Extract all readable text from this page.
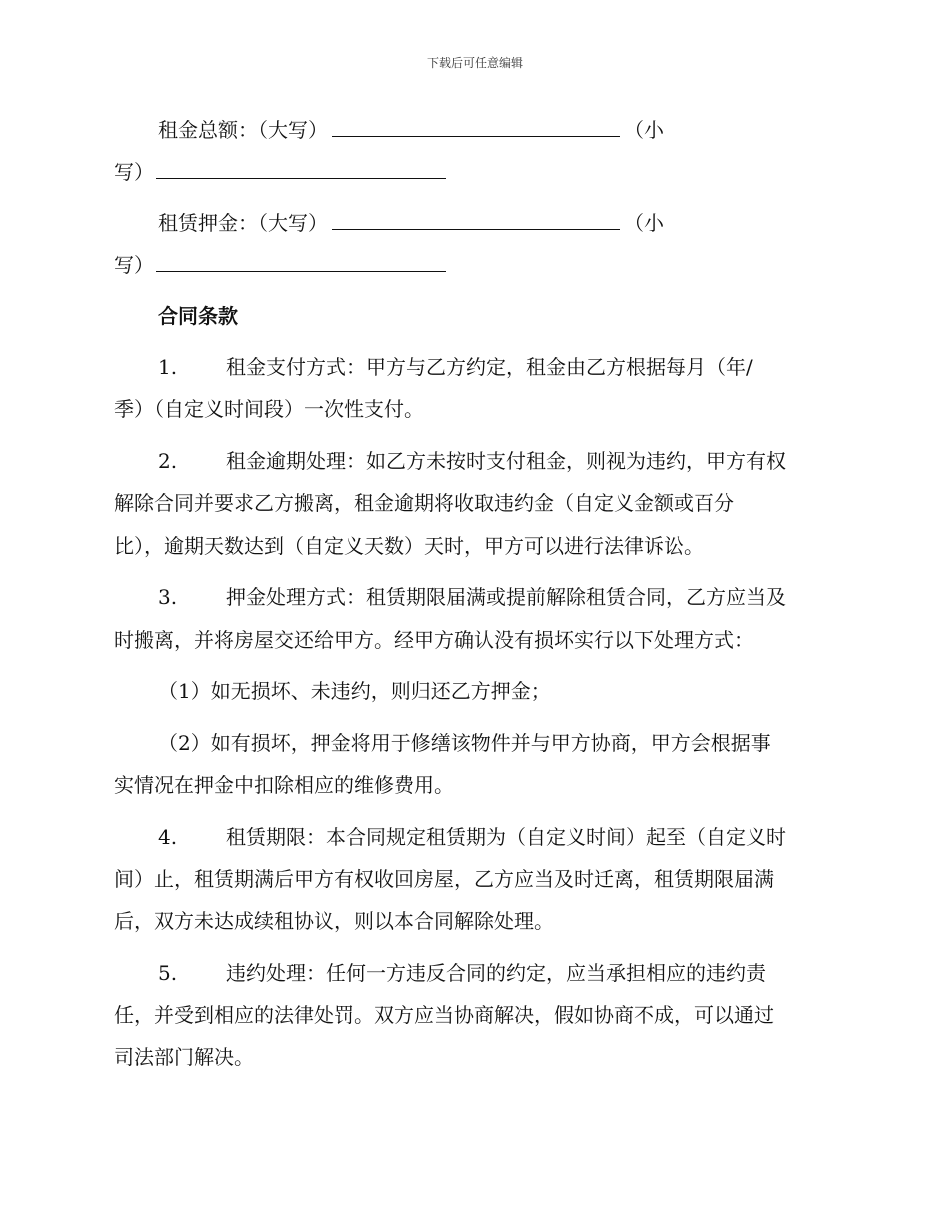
下载后可任意编辑
租金总额：（大写）	（小
写）
租赁押金：（大写）	（小
写）
合同条款
1. 租金支付方式：甲方与乙方约定，租金由乙方根据每月（年/
季）（自定义时间段）一次性支付。
2. 租金逾期处理：如乙方未按时支付租金，则视为违约，甲方有权
解除合同并要求乙方搬离，租金逾期将收取违约金（自定义金额或百分
比），逾期天数达到（自定义天数）天时，甲方可以进行法律诉讼。
3. 押金处理方式：租赁期限届满或提前解除租赁合同，乙方应当及
时搬离，并将房屋交还给甲方。经甲方确认没有损坏实行以下处理方式：
（1）如无损坏、未违约，则归还乙方押金；
（2）如有损坏，押金将用于修缮该物件并与甲方协商，甲方会根据事
实情况在押金中扣除相应的维修费用。
4. 租赁期限：本合同规定租赁期为（自定义时间）起至（自定义时
间）止，租赁期满后甲方有权收回房屋，乙方应当及时迁离，租赁期限届满
后，双方未达成续租协议，则以本合同解除处理。
5. 违约处理：任何一方违反合同的约定，应当承担相应的违约责
任，并受到相应的法律处罚。双方应当协商解决，假如协商不成，可以通过
司法部门解决。
